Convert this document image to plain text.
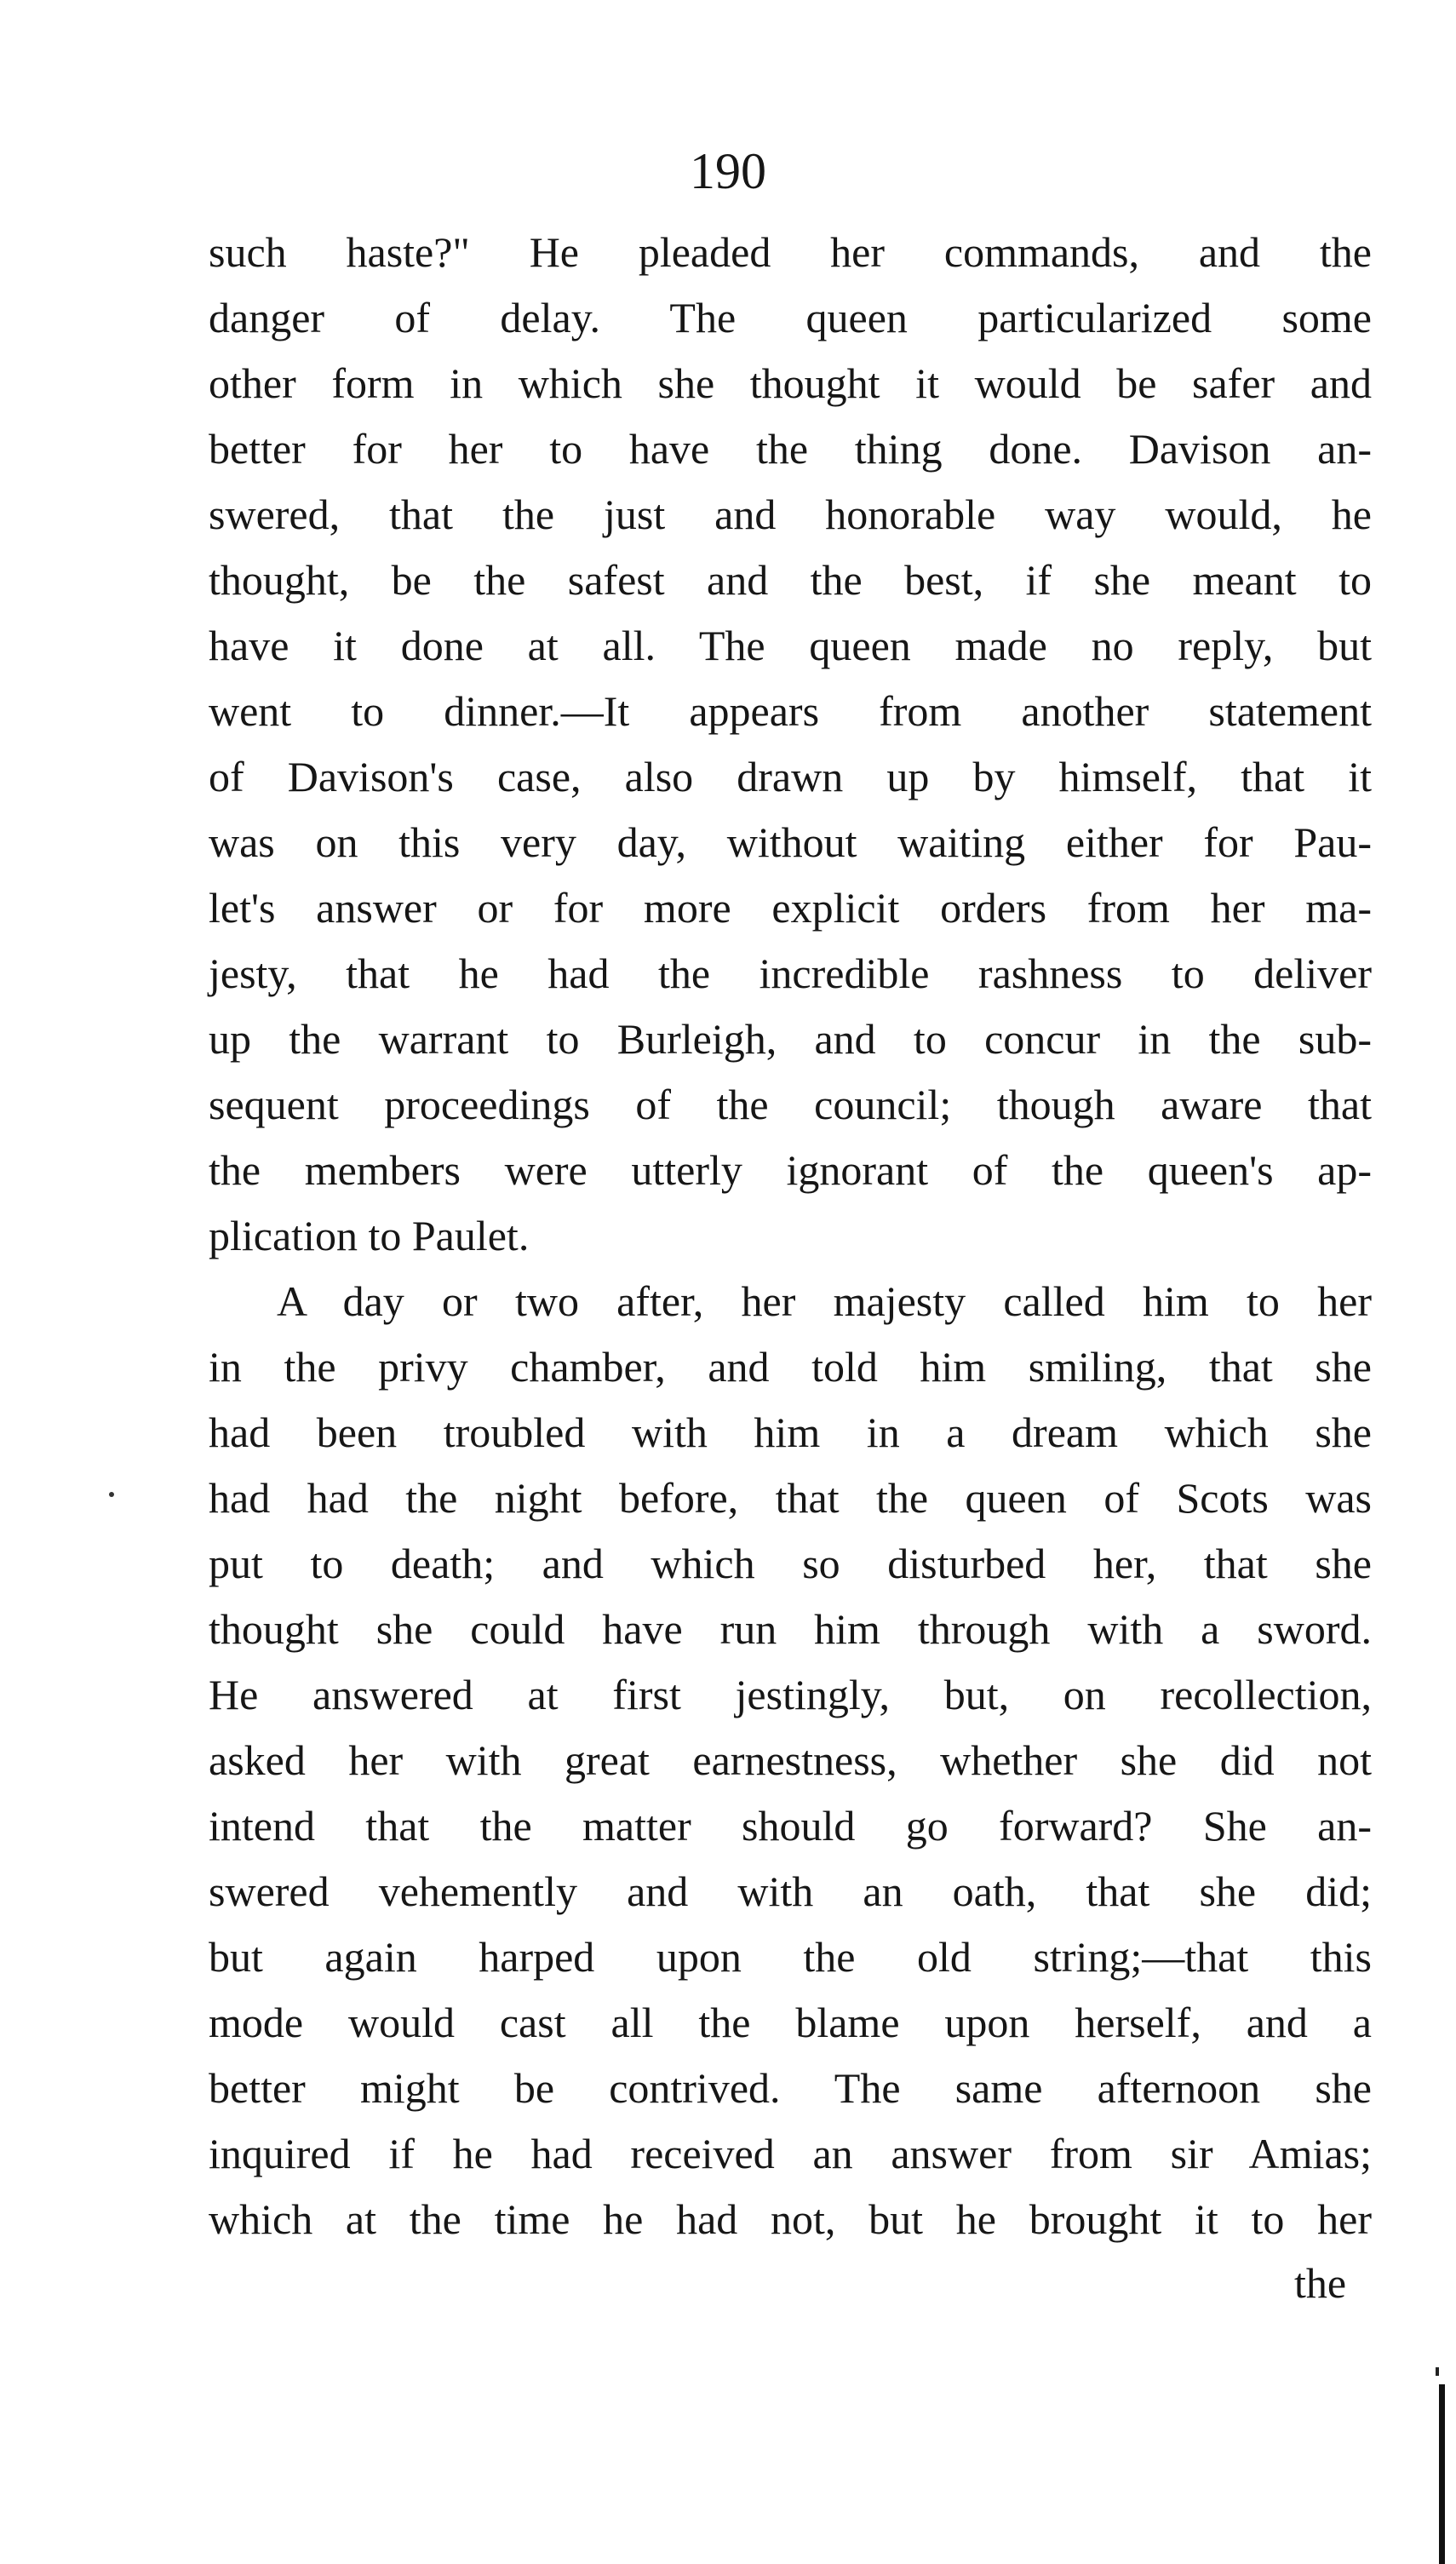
190
such haste?" He pleaded her commands, and the
danger of delay. The queen particularized some
other form in which she thought it would be safer and
better for her to have the thing done. Davison an-
swered, that the just and honorable way would, he
thought, be the safest and the best, if she meant to
have it done at all. The queen made no reply, but
went to dinner.—It appears from another statement
of Davison's case, also drawn up by himself, that it
was on this very day, without waiting either for Pau-
let's answer or for more explicit orders from her ma-
jesty, that he had the incredible rashness to deliver
up the warrant to Burleigh, and to concur in the sub-
sequent proceedings of the council; though aware that
the members were utterly ignorant of the queen's ap-
plication to Paulet.
A day or two after, her majesty called him to her
in the privy chamber, and told him smiling, that she
had been troubled with him in a dream which she
had had the night before, that the queen of Scots was
put to death; and which so disturbed her, that she
thought she could have run him through with a sword.
He answered at first jestingly, but, on recollection,
asked her with great earnestness, whether she did not
intend that the matter should go forward? She an-
swered vehemently and with an oath, that she did;
but again harped upon the old string;—that this
mode would cast all the blame upon herself, and a
better might be contrived. The same afternoon she
inquired if he had received an answer from sir Amias;
which at the time he had not, but he brought it to her
the
